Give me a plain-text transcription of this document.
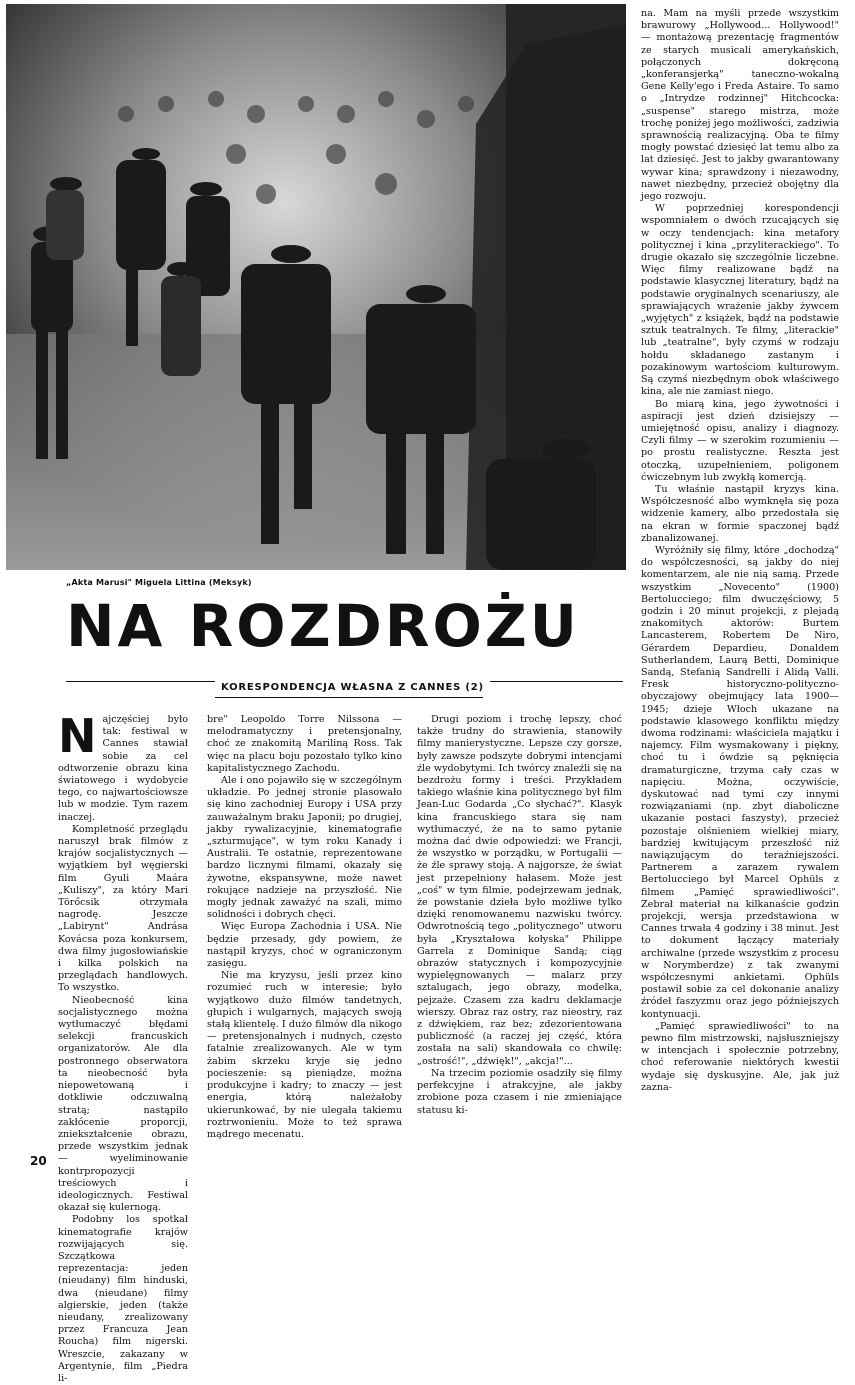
„Akta Marusi" Miguela Littina (Meksyk)
NA ROZDROŻU
KORESPONDENCJA WŁASNA Z CANNES (2)
N ajczęściej było tak: festiwal w Cannes stawiał sobie za cel odtworzenie obrazu kina światowego i wydobycie tego, co najwartościowsze lub w modzie. Tym razem inaczej.

Kompletność przeglądu naruszył brak filmów z krajów socjalistycznych — wyjątkiem był węgierski film Gyuli Maára „Kuliszy", za który Mari Törőcsik otrzymała nagrodę. Jeszcze „Labirynt" Andrása Kovácsa poza konkursem, dwa filmy jugosłowiańskie i kilka polskich na przeglądach handlowych. To wszystko.

Nieobecność kina socjalistycznego można wytłumaczyć błędami selekcji francuskich organizatorów. Ale dla postronnego obserwatora ta nieobecność była niepowetowaną i dotkliwie odczuwalną stratą; nastąpiło zakłócenie proporcji, zniekształcenie obrazu, przede wszystkim jednak — wyeliminowanie kontrpropozycji treściowych i ideologicznych. Festiwal okazał się kulernogą.

Podobny los spotkał kinematografie krajów rozwijających się. Szczątkowa reprezentacja: jeden (nieudany) film hinduski, dwa (nieudane) filmy algierskie, jeden (także nieudany, zrealizowany przez Francuza Jean Roucha) film nigerski. Wreszcie, zakazany w Argentynie, film „Piedra li-

bre" Leopoldo Torre Nilssona — melodramatyczny i pretensjonalny, choć ze znakomitą Mariliną Ross. Tak więc na placu boju pozostało tylko kino kapitalistycznego Zachodu.

Ale i ono pojawiło się w szczególnym układzie. Po jednej stronie plasowało się kino zachodniej Europy i USA przy zauważalnym braku Japonii; po drugiej, jakby rywalizacyjnie, kinematografie „szturmujące", w tym roku Kanady i Australii. Te ostatnie, reprezentowane bardzo licznymi filmami, okazały się żywotne, ekspansywne, może nawet rokujące nadzieje na przyszłość. Nie mogły jednak zaważyć na szali, mimo solidności i dobrych chęci.

Więc Europa Zachodnia i USA. Nie będzie przesady, gdy powiem, że nastąpił kryzys, choć w ograniczonym zasięgu.

Nie ma kryzysu, jeśli przez kino rozumieć ruch w interesie; było wyjątkowo dużo filmów tandetnych, głupich i wulgarnych, mających swoją stałą klientelę. I dużo filmów dla nikogo — pretensjonalnych i nudnych, często fatalnie zrealizowanych. Ale w tym żabim skrzeku kryje się jedno pocieszenie: są pieniądze, można produkcyjne i kadry; to znaczy — jest energia, którą należałoby ukierunkować, by nie ulegała takiemu roztrwonieniu. Może to też sprawa mądrego mecenatu.

Drugi poziom i trochę lepszy, choć także trudny do strawienia, stanowiły filmy manierystyczne. Lepsze czy gorsze, były zawsze podszyte dobrymi intencjami źle wydobytymi. Ich twórcy znaleźli się na bezdrożu formy i treści. Przykładem takiego właśnie kina politycznego był film Jean-Luc Godarda „Co słychać?". Klasyk kina francuskiego stara się nam wytłumaczyć, że na to samo pytanie można dać dwie odpowiedzi: we Francji, że wszystko w porządku, w Portugalii — że źle sprawy stoją. A najgorsze, że świat jest przepełniony hałasem. Może jest „coś" w tym filmie, podejrzewam jednak, że powstanie dzieła było możliwe tylko dzięki renomowanemu nazwisku twórcy. Odwrotnością tego „politycznego" utworu była „Kryształowa kołyska" Philippe Garrela z Dominique Sandą; ciąg obrazów statycznych i kompozycyjnie wypielęgnowanych — malarz przy sztalugach, jego obrazy, modelka, pejzaże. Czasem zza kadru deklamacje wierszy. Obraz raz ostry, raz nieostry, raz z dźwiękiem, raz bez; zdezorientowana publiczność (a raczej jej część, która została na sali) skandowała co chwilę: „ostrość!", „dźwięk!", „akcja!"...

Na trzecim poziomie osadziły się filmy perfekcyjne i atrakcyjne, ale jakby zrobione poza czasem i nie zmieniające statusu ki-

na. Mam na myśli przede wszystkim brawurowy „Hollywood... Hollywood!" — montażową prezentację fragmentów ze starych musicali amerykańskich, połączonych dokręconą „konferansjerką" taneczno-wokalną Gene Kelly'ego i Freda Astaire. To samo o „Intrydze rodzinnej" Hitchcocka: „suspense" starego mistrza, może trochę poniżej jego możliwości, zadziwia sprawnością realizacyjną. Oba te filmy mogły powstać dziesięć lat temu albo za lat dziesięć. Jest to jakby gwarantowany wywar kina; sprawdzony i niezawodny, nawet niezbędny, przecież obojętny dla jego rozwoju.

W poprzedniej korespondencji wspomniałem o dwóch rzucających się w oczy tendencjach: kina metafory politycznej i kina „przyliterackiego". To drugie okazało się szczególnie liczebne. Więc filmy realizowane bądź na podstawie klasycznej literatury, bądź na podstawie oryginalnych scenariuszy, ale sprawiających wrażenie jakby żywcem „wyjętych" z książek, bądź na podstawie sztuk teatralnych. Te filmy, „literackie" lub „teatralne", były czymś w rodzaju hołdu składanego zastanym i pozakinowym wartościom kulturowym. Są czymś niezbędnym obok właściwego kina, ale nie zamiast niego.

Bo miarą kina, jego żywotności i aspiracji jest dzień dzisiejszy — umiejętność opisu, analizy i diagnozy. Czyli filmy — w szerokim rozumieniu — po prostu realistyczne. Reszta jest otoczką, uzupełnieniem, poligonem ćwiczebnym lub zwykłą komercją.

Tu właśnie nastąpił kryzys kina. Współczesność albo wymknęła się poza widzenie kamery, albo przedostała się na ekran w formie spaczonej bądź zbanalizowanej.

Wyróżniły się filmy, które „dochodzą" do współczesności, są jakby do niej komentarzem, ale nie nią samą. Przede wszystkim „Novecento" (1900) Bertolucciego; film dwuczęściowy, 5 godzin i 20 minut projekcji, z plejadą znakomitych aktorów: Burtem Lancasterem, Robertem De Niro, Gérardem Depardieu, Donaldem Sutherlandem, Laurą Betti, Dominique Sandą, Stefanią Sandrelli i Alidą Valli. Fresk historyczno-polityczno-obyczajowy obejmujący lata 1900—1945; dzieje Włoch ukazane na podstawie klasowego konfliktu między dwoma rodzinami: właściciela majątku i najemcy. Film wysmakowany i piękny, choć tu i ówdzie są pęknięcia dramaturgiczne, trzyma cały czas w napięciu. Można, oczywiście, dyskutować nad tymi czy innymi rozwiązaniami (np. zbyt diaboliczne ukazanie postaci faszysty), przecież pozostaje olśnieniem wielkiej miary, bardziej kwitującym przeszłość niż nawiązującym do teraźniejszości. Partnerem a zarazem rywalem Bertolucciego był Marcel Ophüls z filmem „Pamięć sprawiedliwości". Zebrał materiał na kilkanaście godzin projekcji, wersja przedstawiona w Cannes trwała 4 godziny i 38 minut. Jest to dokument łączący materiały archiwalne (przede wszystkim z procesu w Norymberdze) z tak zwanymi współczesnymi ankietami. Ophüls postawił sobie za cel dokonanie analizy źródeł faszyzmu oraz jego późniejszych kontynuacji.

„Pamięć sprawiedliwości" to na pewno film mistrzowski, najsłuszniejszy w intencjach i społecznie potrzebny, choć referowanie niektórych kwestii wydaje się dyskusyjne. Ale, jak już zazna-

20
